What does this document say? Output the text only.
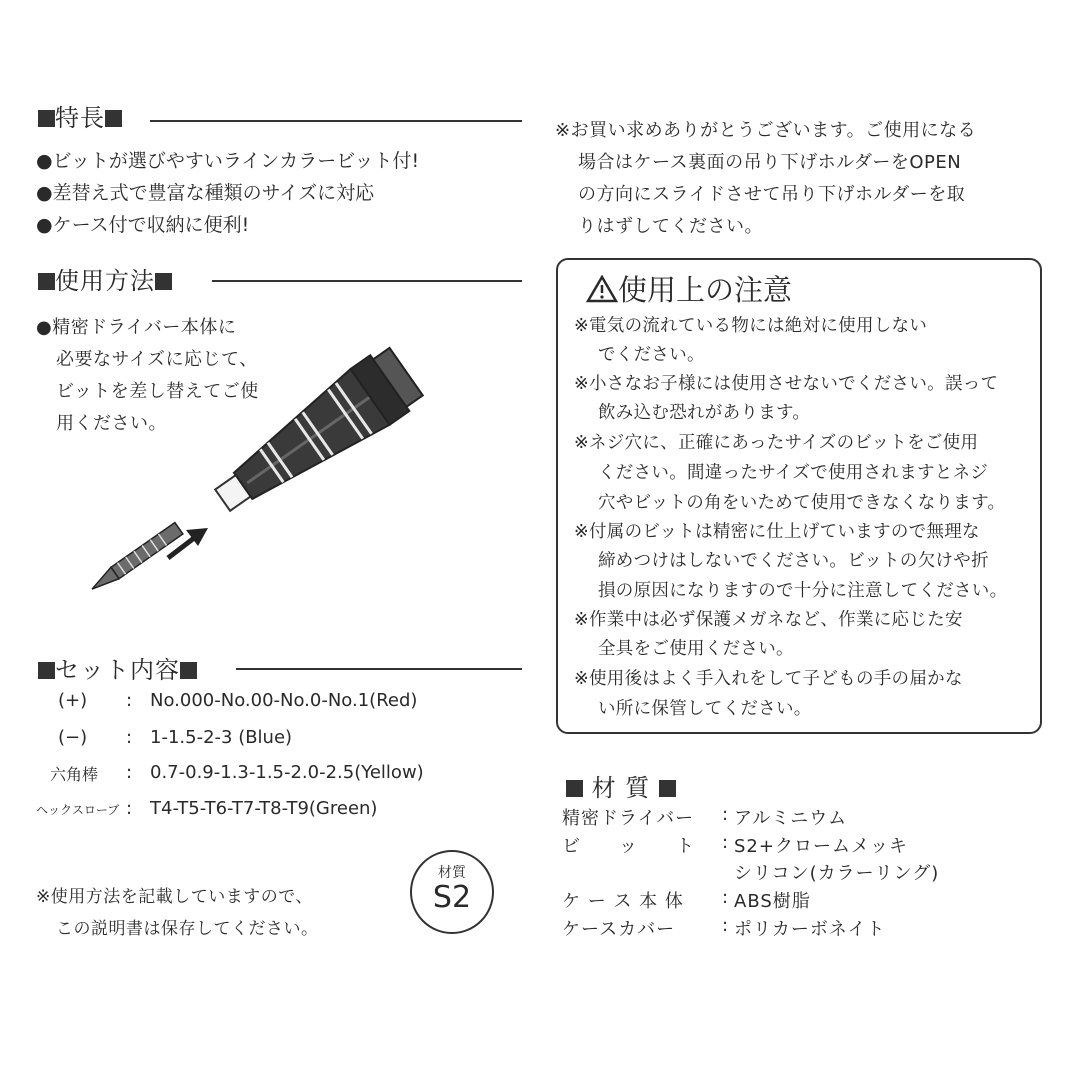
特長
●ビットが選びやすいラインカラービット付!
●差替え式で豊富な種類のサイズに対応
●ケース付で収納に便利!
使用方法
●精密ドライバー本体に
必要なサイズに応じて、
ビットを差し替えてご使
用ください。
セット内容
(+) : No.000-No.00-No.0-No.1(Red)
(−) : 1-1.5-2-3 (Blue)
六角棒 : 0.7-0.9-1.3-1.5-2.0-2.5(Yellow)
ヘックスローブ : T4-T5-T6-T7-T8-T9(Green)
※使用方法を記載していますので、
この説明書は保存してください。
材質
S2
※お買い求めありがとうございます。ご使用になる
場合はケース裏面の吊り下げホルダーをOPEN
の方向にスライドさせて吊り下げホルダーを取
りはずしてください。
使用上の注意
※電気の流れている物には絶対に使用しない
でください。
※小さなお子様には使用させないでください。誤って
飲み込む恐れがあります。
※ネジ穴に、正確にあったサイズのビットをご使用
ください。間違ったサイズで使用されますとネジ
穴やビットの角をいためて使用できなくなります。
※付属のビットは精密に仕上げていますので無理な
締めつけはしないでください。ビットの欠けや折
損の原因になりますので十分に注意してください。
※作業中は必ず保護メガネなど、作業に応じた安
全具をご使用ください。
※使用後はよく手入れをして子どもの手の届かな
い所に保管してください。
材 質
精密ドライバー : アルミニウム
ビ　　ッ　　ト : S2+クロームメッキ
シリコン(カラーリング)
ケ ー ス 本 体 : ABS樹脂
ケースカバー	: ポリカーボネイト
